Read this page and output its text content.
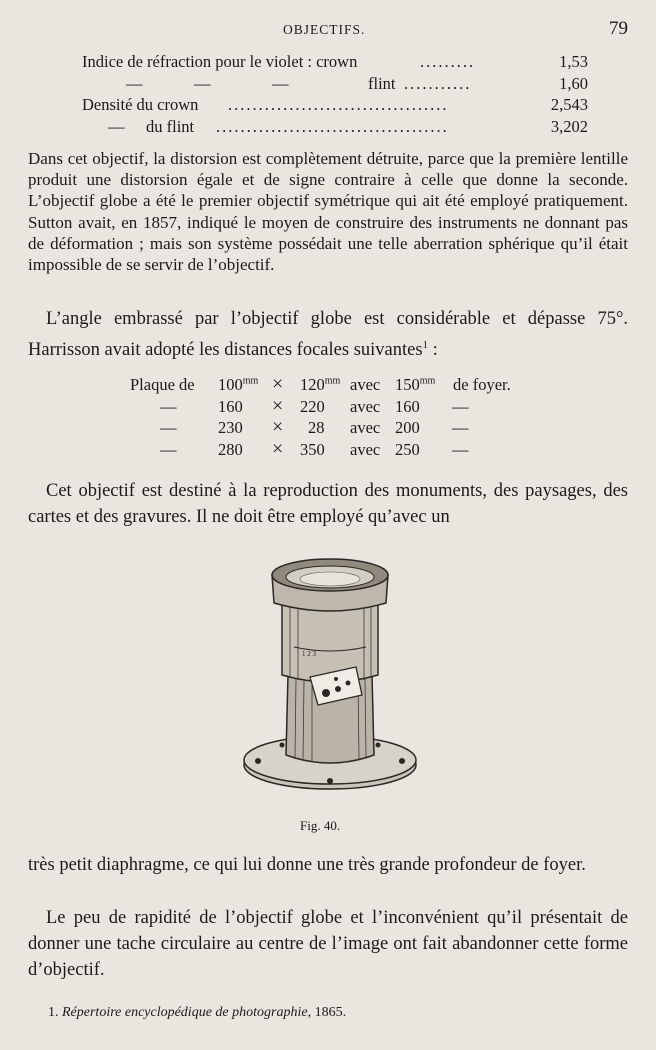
OBJECTIFS.	79
Indice de réfraction pour le violet : crown	.........	1,53
—	—	—	flint ...........	1,60
Densité du crown ....................................	2,543
— du flint ......................................	3,202

Dans cet objectif, la distorsion est complètement détruite, parce que la première lentille produit une distorsion égale et de signe contraire à celle que donne la seconde. L’objectif globe a été le premier objectif symétrique qui ait été employé pratiquement. Sutton avait, en 1857, indiqué le moyen de construire des instruments ne donnant pas de déformation ; mais son système possédait une telle aberration sphérique qu’il était impossible de se servir de l’objectif.

L’angle embrassé par l’objectif globe est considérable et dépasse 75°. Harrisson avait adopté les distances focales suivantes$^1$ :

Plaque de $100^{mm} \times 120^{mm}$ avec $150^{mm}$ de foyer.
—	160 × 220 avec 160 —
—	230 × 28 avec 200 —
—	280 × 350 avec 250 —

Cet objectif est destiné à la reproduction des monuments, des paysages, des cartes et des gravures. Il ne doit être employé qu’avec un

1 2 3
Fig. 40.

très petit diaphragme, ce qui lui donne une très grande profondeur de foyer.

Le peu de rapidité de l’objectif globe et l’inconvénient qu’il présentait de donner une tache circulaire au centre de l’image ont fait abandonner cette forme d’objectif.

1. Répertoire encyclopédique de photographie, 1865.
